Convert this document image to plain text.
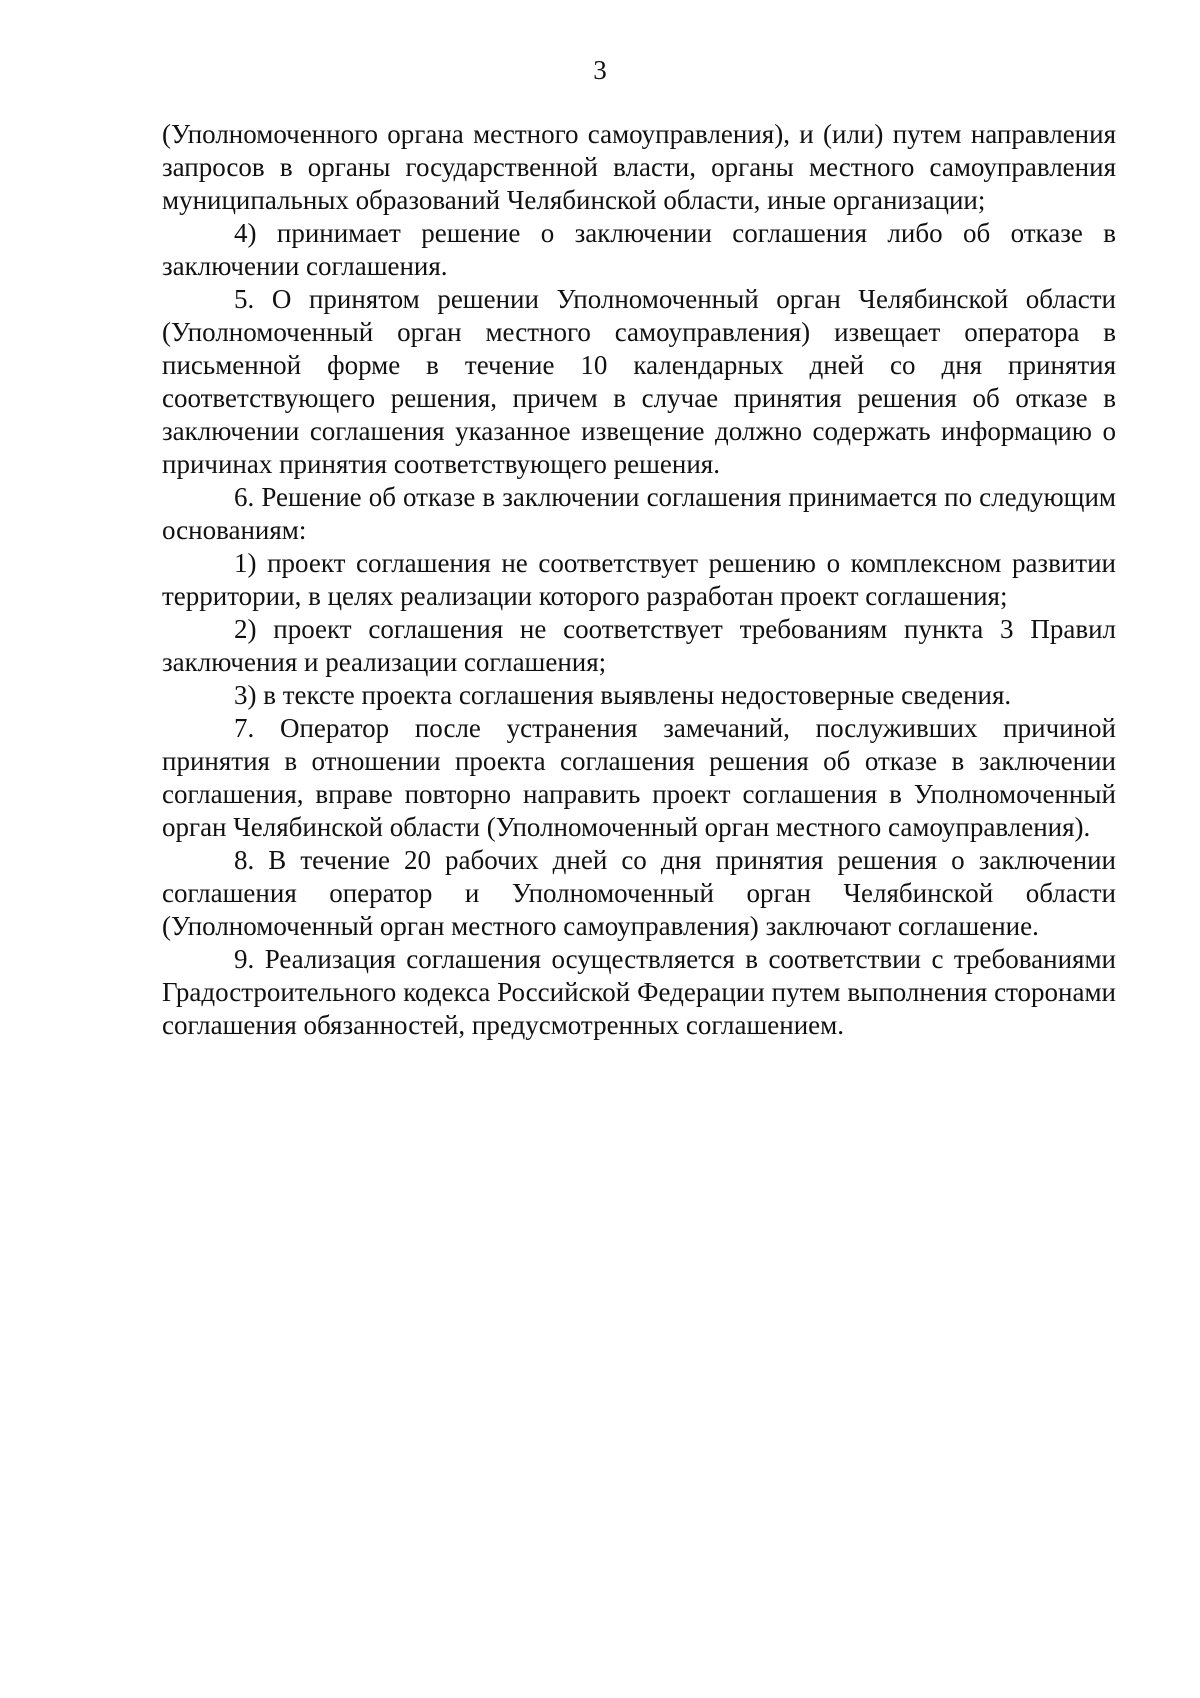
3

(Уполномоченного органа местного самоуправления), и (или) путем направления запросов в органы государственной власти, органы местного самоуправления муниципальных образований Челябинской области, иные организации;

4) принимает решение о заключении соглашения либо об отказе в заключении соглашения.

5. О принятом решении Уполномоченный орган Челябинской области (Уполномоченный орган местного самоуправления) извещает оператора в письменной форме в течение 10 календарных дней со дня принятия соответствующего решения, причем в случае принятия решения об отказе в заключении соглашения указанное извещение должно содержать информацию о причинах принятия соответствующего решения.

6. Решение об отказе в заключении соглашения принимается по следующим основаниям:

1) проект соглашения не соответствует решению о комплексном развитии территории, в целях реализации которого разработан проект соглашения;

2) проект соглашения не соответствует требованиям пункта 3 Правил заключения и реализации соглашения;

3) в тексте проекта соглашения выявлены недостоверные сведения.

7. Оператор после устранения замечаний, послуживших причиной принятия в отношении проекта соглашения решения об отказе в заключении соглашения, вправе повторно направить проект соглашения в Уполномоченный орган Челябинской области (Уполномоченный орган местного самоуправления).

8. В течение 20 рабочих дней со дня принятия решения о заключении соглашения оператор и Уполномоченный орган Челябинской области (Уполномоченный орган местного самоуправления) заключают соглашение.

9. Реализация соглашения осуществляется в соответствии с требованиями Градостроительного кодекса Российской Федерации путем выполнения сторонами соглашения обязанностей, предусмотренных соглашением.
